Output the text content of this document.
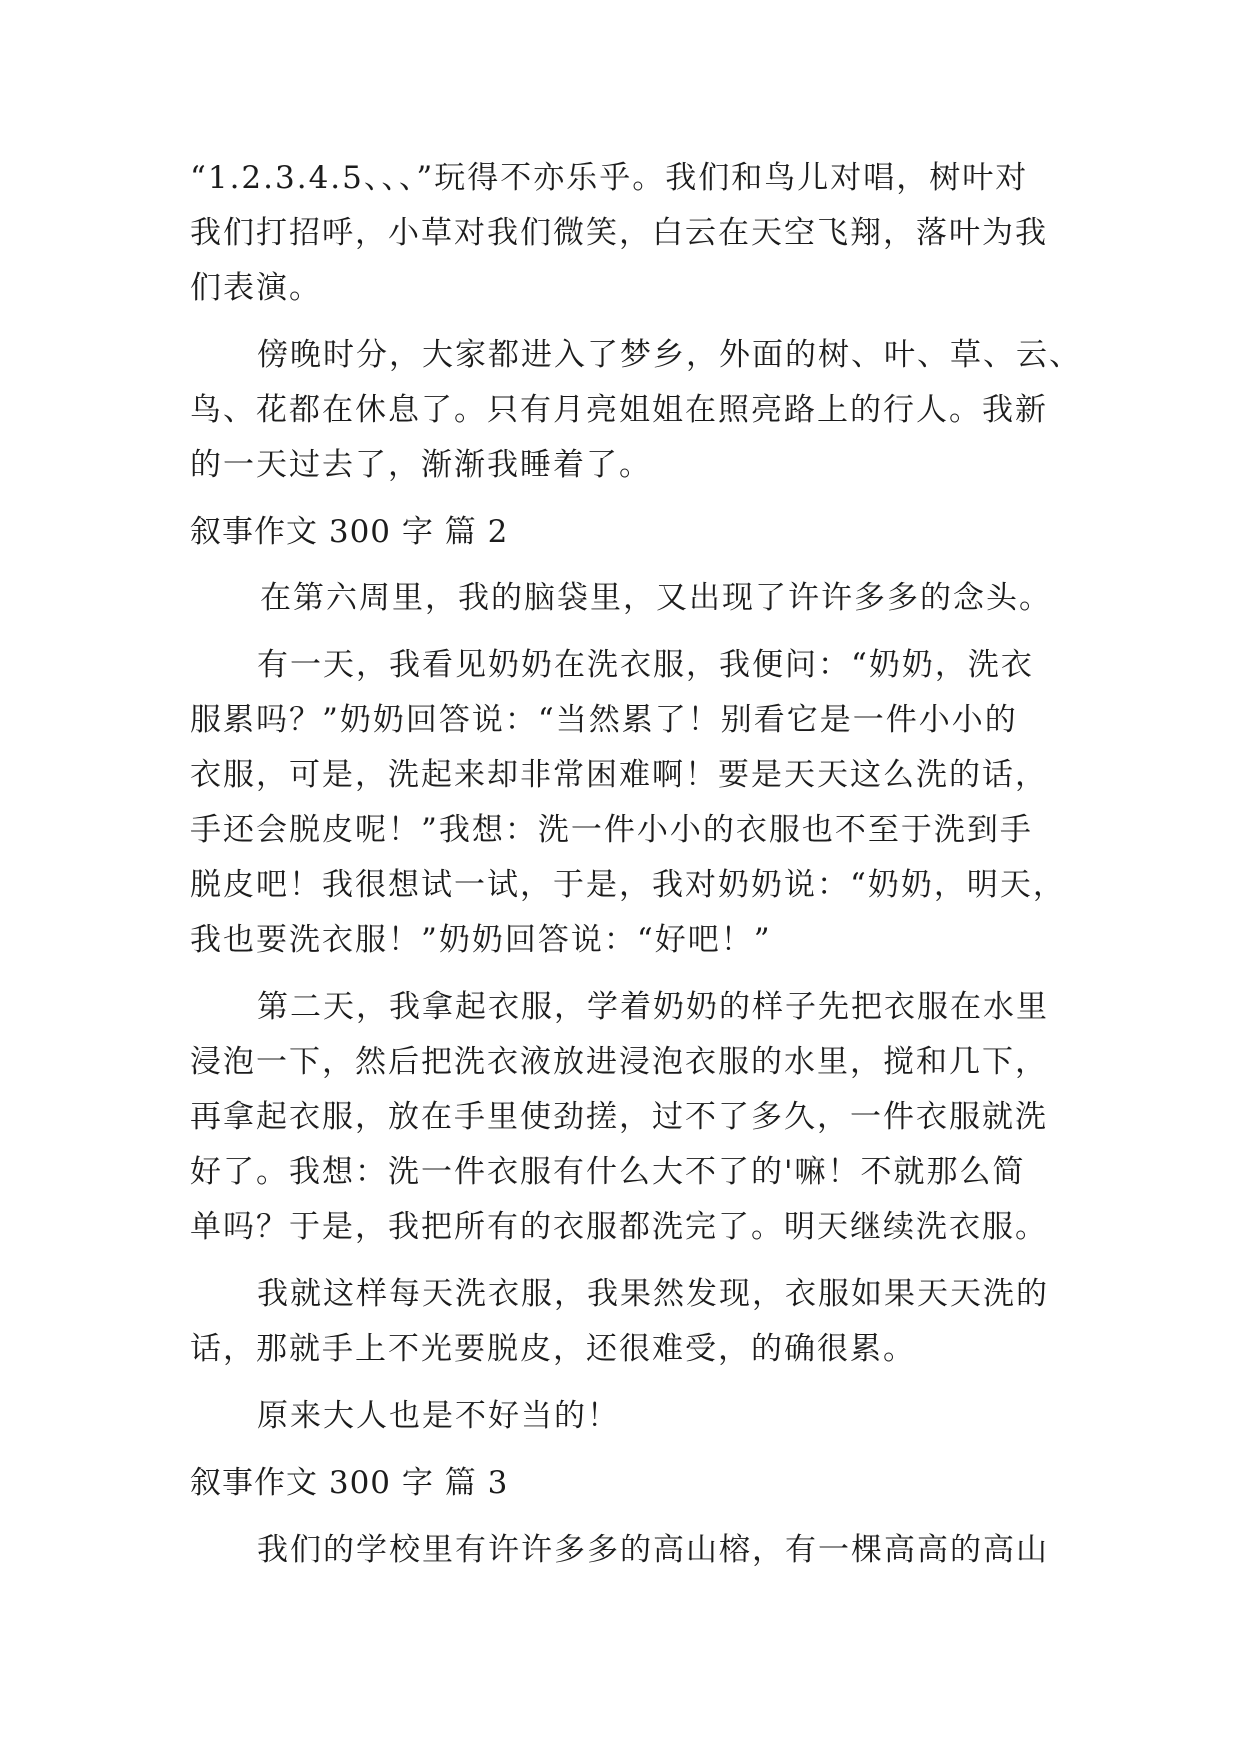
“1.2.3.4.5、、、”玩得不亦乐乎。我们和鸟儿对唱，树叶对
我们打招呼，小草对我们微笑，白云在天空飞翔，落叶为我
们表演。
傍晚时分，大家都进入了梦乡，外面的树、叶、草、云、
鸟、花都在休息了。只有月亮姐姐在照亮路上的行人。我新
的一天过去了，渐渐我睡着了。
叙事作文 300 字 篇 2
在第六周里，我的脑袋里，又出现了许许多多的念头。
有一天，我看见奶奶在洗衣服，我便问：“奶奶，洗衣
服累吗？”奶奶回答说：“当然累了！别看它是一件小小的
衣服，可是，洗起来却非常困难啊！要是天天这么洗的话，
手还会脱皮呢！”我想：洗一件小小的衣服也不至于洗到手
脱皮吧！我很想试一试，于是，我对奶奶说：“奶奶，明天，
我也要洗衣服！”奶奶回答说：“好吧！”
第二天，我拿起衣服，学着奶奶的样子先把衣服在水里
浸泡一下，然后把洗衣液放进浸泡衣服的水里，搅和几下，
再拿起衣服，放在手里使劲搓，过不了多久，一件衣服就洗
好了。我想：洗一件衣服有什么大不了的'嘛！不就那么简
单吗？于是，我把所有的衣服都洗完了。明天继续洗衣服。
我就这样每天洗衣服，我果然发现，衣服如果天天洗的
话，那就手上不光要脱皮，还很难受，的确很累。
原来大人也是不好当的！
叙事作文 300 字 篇 3
我们的学校里有许许多多的高山榕，有一棵高高的高山
